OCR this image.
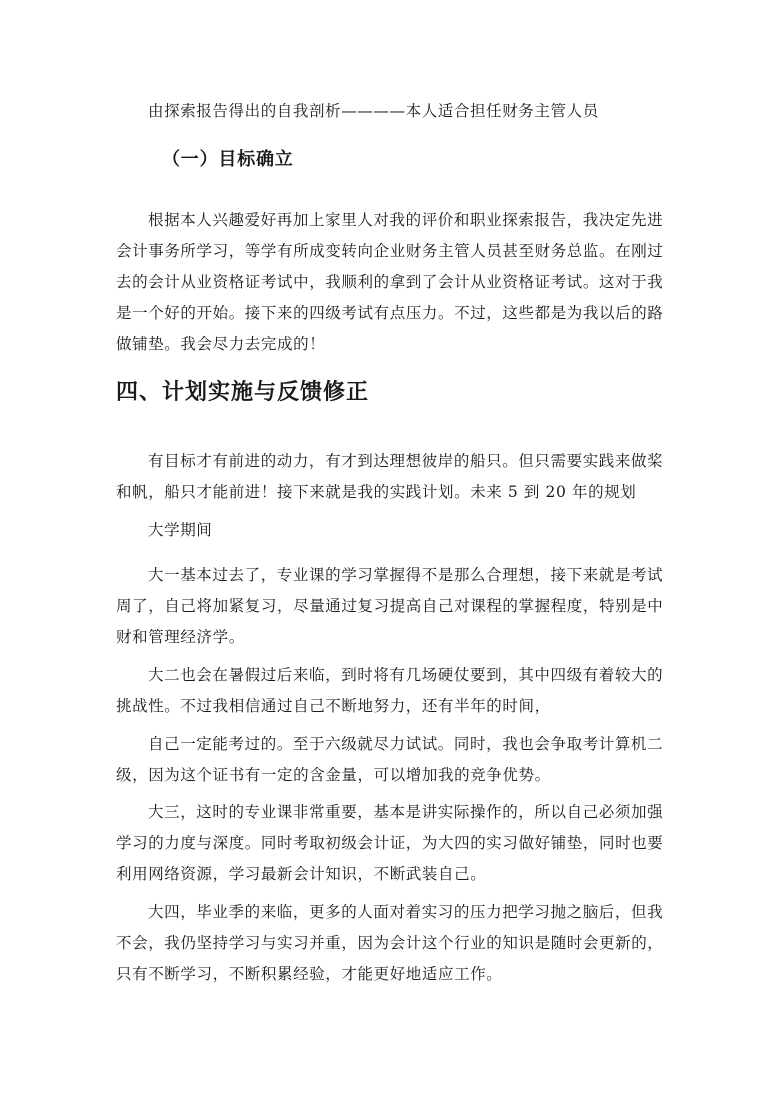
由探索报告得出的自我剖析————本人适合担任财务主管人员
（一）目标确立
根据本人兴趣爱好再加上家里人对我的评价和职业探索报告，我决定先进
会计事务所学习，等学有所成变转向企业财务主管人员甚至财务总监。在刚过
去的会计从业资格证考试中，我顺利的拿到了会计从业资格证考试。这对于我
是一个好的开始。接下来的四级考试有点压力。不过，这些都是为我以后的路
做铺垫。我会尽力去完成的！
四、计划实施与反馈修正
有目标才有前进的动力，有才到达理想彼岸的船只。但只需要实践来做桨
和帆，船只才能前进！接下来就是我的实践计划。未来 5 到 20 年的规划
大学期间
大一基本过去了，专业课的学习掌握得不是那么合理想，接下来就是考试
周了，自己将加紧复习，尽量通过复习提高自己对课程的掌握程度，特别是中
财和管理经济学。
大二也会在暑假过后来临，到时将有几场硬仗要到，其中四级有着较大的
挑战性。不过我相信通过自己不断地努力，还有半年的时间，
自己一定能考过的。至于六级就尽力试试。同时，我也会争取考计算机二
级，因为这个证书有一定的含金量，可以增加我的竞争优势。
大三，这时的专业课非常重要，基本是讲实际操作的，所以自己必须加强
学习的力度与深度。同时考取初级会计证，为大四的实习做好铺垫，同时也要
利用网络资源，学习最新会计知识，不断武装自己。
大四，毕业季的来临，更多的人面对着实习的压力把学习抛之脑后，但我
不会，我仍坚持学习与实习并重，因为会计这个行业的知识是随时会更新的，
只有不断学习，不断积累经验，才能更好地适应工作。
